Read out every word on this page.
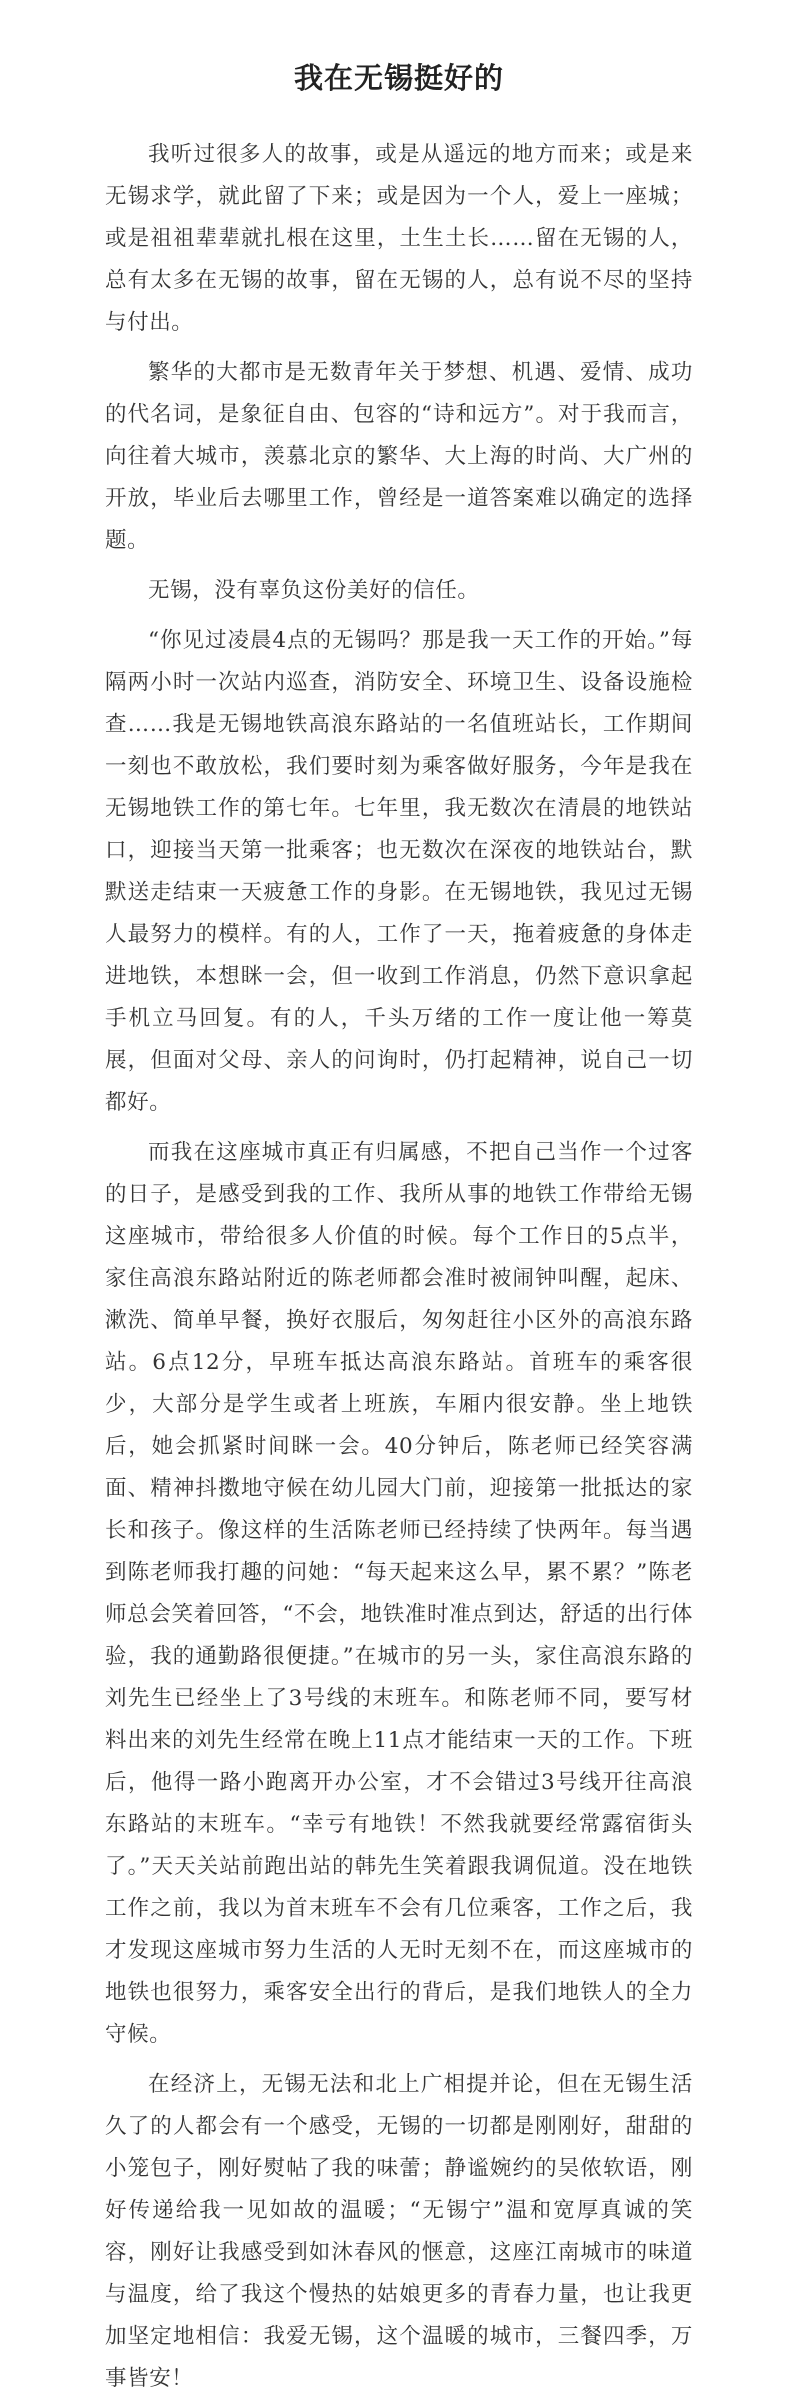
我在无锡挺好的

我听过很多人的故事，或是从遥远的地方而来；或是来无锡求学，就此留了下来；或是因为一个人，爱上一座城；或是祖祖辈辈就扎根在这里，土生土长……留在无锡的人，总有太多在无锡的故事，留在无锡的人，总有说不尽的坚持与付出。

繁华的大都市是无数青年关于梦想、机遇、爱情、成功的代名词，是象征自由、包容的“诗和远方”。对于我而言，向往着大城市，羡慕北京的繁华、大上海的时尚、大广州的开放，毕业后去哪里工作，曾经是一道答案难以确定的选择题。

无锡，没有辜负这份美好的信任。

“你见过凌晨4点的无锡吗？那是我一天工作的开始。”每隔两小时一次站内巡查，消防安全、环境卫生、设备设施检查……我是无锡地铁高浪东路站的一名值班站长，工作期间一刻也不敢放松，我们要时刻为乘客做好服务，今年是我在无锡地铁工作的第七年。七年里，我无数次在清晨的地铁站口，迎接当天第一批乘客；也无数次在深夜的地铁站台，默默送走结束一天疲惫工作的身影。在无锡地铁，我见过无锡人最努力的模样。有的人，工作了一天，拖着疲惫的身体走进地铁，本想眯一会，但一收到工作消息，仍然下意识拿起手机立马回复。有的人，千头万绪的工作一度让他一筹莫展，但面对父母、亲人的问询时，仍打起精神，说自己一切都好。

而我在这座城市真正有归属感，不把自己当作一个过客的日子，是感受到我的工作、我所从事的地铁工作带给无锡这座城市，带给很多人价值的时候。每个工作日的5点半，家住高浪东路站附近的陈老师都会准时被闹钟叫醒，起床、漱洗、简单早餐，换好衣服后，匆匆赶往小区外的高浪东路站。6点12分，早班车抵达高浪东路站。首班车的乘客很少，大部分是学生或者上班族，车厢内很安静。坐上地铁后，她会抓紧时间眯一会。40分钟后，陈老师已经笑容满面、精神抖擞地守候在幼儿园大门前，迎接第一批抵达的家长和孩子。像这样的生活陈老师已经持续了快两年。每当遇到陈老师我打趣的问她：“每天起来这么早，累不累？”陈老师总会笑着回答，“不会，地铁准时准点到达，舒适的出行体验，我的通勤路很便捷。”在城市的另一头，家住高浪东路的刘先生已经坐上了3号线的末班车。和陈老师不同，要写材料出来的刘先生经常在晚上11点才能结束一天的工作。下班后，他得一路小跑离开办公室，才不会错过3号线开往高浪东路站的末班车。“幸亏有地铁！不然我就要经常露宿街头了。”天天关站前跑出站的韩先生笑着跟我调侃道。没在地铁工作之前，我以为首末班车不会有几位乘客，工作之后，我才发现这座城市努力生活的人无时无刻不在，而这座城市的地铁也很努力，乘客安全出行的背后，是我们地铁人的全力守候。

在经济上，无锡无法和北上广相提并论，但在无锡生活久了的人都会有一个感受，无锡的一切都是刚刚好，甜甜的小笼包子，刚好熨帖了我的味蕾；静谧婉约的吴侬软语，刚好传递给我一见如故的温暖；“无锡宁”温和宽厚真诚的笑容，刚好让我感受到如沐春风的惬意，这座江南城市的味道与温度，给了我这个慢热的姑娘更多的青春力量，也让我更加坚定地相信：我爱无锡，这个温暖的城市，三餐四季，万事皆安！
